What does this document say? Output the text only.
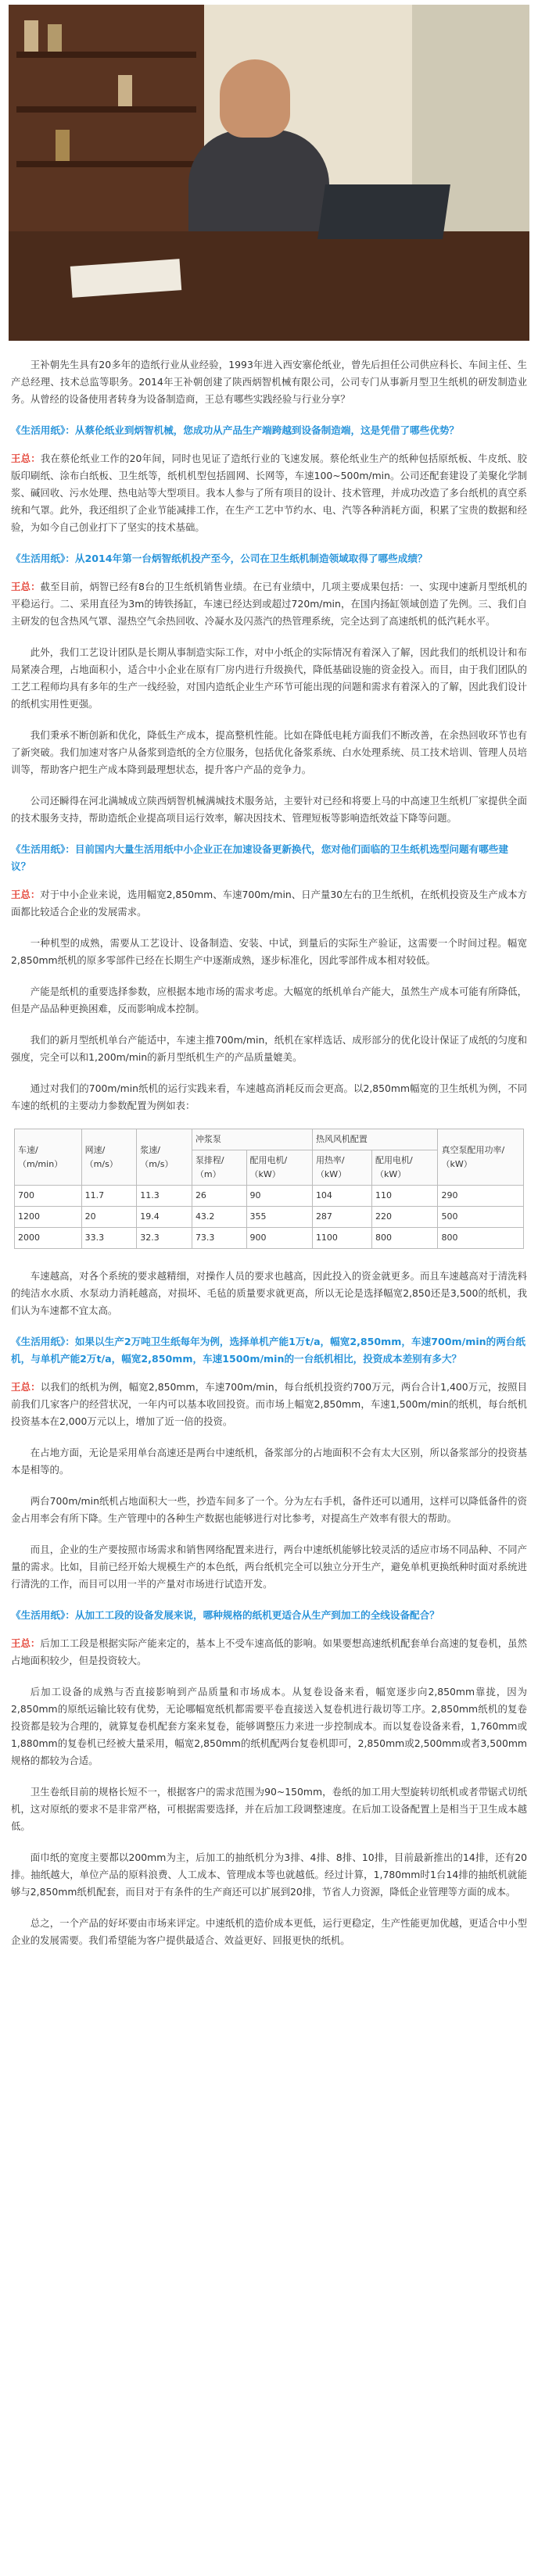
王补朝先生具有20多年的造纸行业从业经验，1993年进入西安寨伦纸业，曾先后担任公司供应科长、车间主任、生产总经理、技术总监等职务。2014年王补朝创建了陕西炳智机械有限公司，公司专门从事新月型卫生纸机的研发制造业务。从曾经的设备使用者转身为设备制造商，王总有哪些实践经验与行业分享？

《生活用纸》：从蔡伦纸业到炳智机械，您成功从产品生产端跨越到设备制造端，这是凭借了哪些优势？

王总：我在蔡伦纸业工作的20年间，同时也见证了造纸行业的飞速发展。蔡伦纸业生产的纸种包括原纸板、牛皮纸、胶版印刷纸、涂布白纸板、卫生纸等，纸机机型包括圆网、长网等，车速100~500m/min。公司还配套建设了美聚化学制浆、碱回收、污水处理、热电站等大型项目。我本人参与了所有项目的设计、技术管理，并成功改造了多台纸机的真空系统和气罩。此外，我还组织了企业节能减排工作，在生产工艺中节约水、电、汽等各种消耗方面，积累了宝贵的数据和经验，为如今自己创业打下了坚实的技术基础。

《生活用纸》：从2014年第一台炳智纸机投产至今，公司在卫生纸机制造领域取得了哪些成绩？

王总：截至目前，炳智已经有8台的卫生纸机销售业绩。在已有业绩中，几项主要成果包括：一、实现中速新月型纸机的平稳运行。二、采用直径为3m的铸铁扬缸，车速已经达到或超过720m/min，在国内扬缸领域创造了先例。三、我们自主研发的包含热风气罩、湿热空气余热回收、冷凝水及闪蒸汽的热管理系统，完全达到了高速纸机的低汽耗水平。

此外，我们工艺设计团队是长期从事制造实际工作，对中小纸企的实际情况有着深入了解，因此我们的纸机设计和布局紧凑合理，占地面积小，适合中小企业在原有厂房内进行升级换代，降低基础设施的资金投入。而目，由于我们团队的工艺工程师均具有多年的生产一线经验，对国内造纸企业生产环节可能出现的问题和需求有着深入的了解，因此我们设计的纸机实用性更强。

我们秉承不断创新和优化，降低生产成本，提高整机性能。比如在降低电耗方面我们不断改善，在余热回收环节也有了新突破。我们加速对客户从备浆到造纸的全方位服务，包括优化备浆系统、白水处理系统、员工技术培训、管理人员培训等，帮助客户把生产成本降到最理想状态，提升客户产品的竞争力。

公司还瞬得在河北满城成立陕西炳智机械满城技术服务站，主要针对已经和将要上马的中高速卫生纸机厂家提供全面的技术服务支持，帮助造纸企业提高项目运行效率，解决因技术、管理短板等影响造纸效益下降等问题。

《生活用纸》：目前国内大量生活用纸中小企业正在加速设备更新换代，您对他们面临的卫生纸机选型问题有哪些建议？

王总：对于中小企业来说，选用幅宽2,850mm、车速700m/min、日产量30左右的卫生纸机，在纸机投资及生产成本方面都比较适合企业的发展需求。

一种机型的成熟，需要从工艺设计、设备制造、安装、中试，到量后的实际生产验证，这需要一个时间过程。幅宽2,850mm纸机的原多零部件已经在长期生产中逐渐成熟，逐步标准化，因此零部件成本相对较低。

产能是纸机的重要选择参数，应根据本地市场的需求考虑。大幅宽的纸机单台产能大，虽然生产成本可能有所降低，但是产品品种更换困难，反而影响成本控制。

我们的新月型纸机单台产能适中，车速主推700m/min，纸机在家样选话、成形部分的优化设计保证了成纸的匀度和强度，完全可以和1,200m/min的新月型纸机生产的产品质量媲美。

通过对我们的700m/min纸机的运行实践来看，车速越高消耗反而会更高。以2,850mm幅宽的卫生纸机为例，不同车速的纸机的主要动力参数配置为例如表：

车速/（m/min）	网速/（m/s）	浆速/（m/s）	冲浆泵		热风风机配置		真空泵配用功率/（kW）
			泵排程/（m）	配用电机/（kW）	用热率/（kW）	配用电机/（kW）	
700	11.7	11.3	26	90	104	110	290
1200	20	19.4	43.2	355	287	220	500
2000	33.3	32.3	73.3	900	1100	800	800

车速越高，对各个系统的要求越精细，对操作人员的要求也越高，因此投入的资金就更多。而且车速越高对于清洗料的纯洁水水质、水泵动力消耗越高，对损坏、毛毡的质量要求就更高，所以无论是选择幅宽2,850还是3,500的纸机，我们认为车速都不宜太高。

《生活用纸》：如果以生产2万吨卫生纸每年为例，选择单机产能1万t/a，幅宽2,850mm，车速700m/min的两台纸机，与单机产能2万t/a，幅宽2,850mm，车速1500m/min的一台纸机相比，投资成本差别有多大？

王总：以我们的纸机为例，幅宽2,850mm，车速700m/min，每台纸机投资约700万元，两台合计1,400万元，按照目前我们几家客户的经营状况，一年内可以基本收回投资。而市场上幅宽2,850mm，车速1,500m/min的纸机，每台纸机投资基本在2,000万元以上，增加了近一倍的投资。

在占地方面，无论是采用单台高速还是两台中速纸机，备浆部分的占地面积不会有太大区别，所以备浆部分的投资基本是相等的。

两台700m/min纸机占地面积大一些，抄造车间多了一个。分为左右手机，备件还可以通用，这样可以降低备件的资金占用率会有所下降。生产管理中的各种生产数据也能够进行对比参考，对提高生产效率有很大的帮助。

而且，企业的生产要按照市场需求和销售网络配置来进行，两台中速纸机能够比较灵活的适应市场不同品种、不同产量的需求。比如，目前已经开始大规模生产的本色纸，两台纸机完全可以独立分开生产，避免单机更换纸种时面对系统进行清洗的工作，而目可以用一半的产量对市场进行试造开发。

《生活用纸》：从加工工段的设备发展来说，哪种规格的纸机更适合从生产到加工的全线设备配合？

王总：后加工工段是根据实际产能来定的，基本上不受车速高低的影响。如果要想高速纸机配套单台高速的复卷机，虽然占地面积较少，但是投资较大。

后加工设备的成熟与否直接影响到产品质量和市场成本。从复卷设备来看，幅宽逐步向2,850mm靠拢，因为2,850mm的原纸运输比较有优势，无论哪幅宽纸机都需要平卷直接送入复卷机进行裁切等工序。2,850mm纸机的复卷投资都是较为合理的，就算复卷机配套方案来复卷，能够调整压力来进一步控制成本。而以复卷设备来看，1,760mm或1,880mm的复卷机已经被大量采用，幅宽2,850mm的纸机配两台复卷机即可，2,850mm或2,500mm或者3,500mm规格的都较为合适。

卫生卷纸目前的规格长短不一，根据客户的需求范围为90~150mm，卷纸的加工用大型旋转切纸机或者带锯式切纸机，这对原纸的要求不是非常严格，可根据需要选择，并在后加工段调整速度。在后加工设备配置上是相当于卫生成本越低。

面巾纸的宽度主要都以200mm为主，后加工的抽纸机分为3排、4排、8排、10排，目前最新推出的14排，还有20排。抽纸越大，单位产品的原料浪费、人工成本、管理成本等也就越低。经过计算，1,780mm时1台14排的抽纸机就能够与2,850mm纸机配套，而目对于有条件的生产商还可以扩展到20排，节省人力资源，降低企业管理等方面的成本。

总之，一个产品的好坏要由市场来评定。中速纸机的造价成本更低，运行更稳定，生产性能更加优越，更适合中小型企业的发展需要。我们希望能为客户提供最适合、效益更好、回报更快的纸机。
